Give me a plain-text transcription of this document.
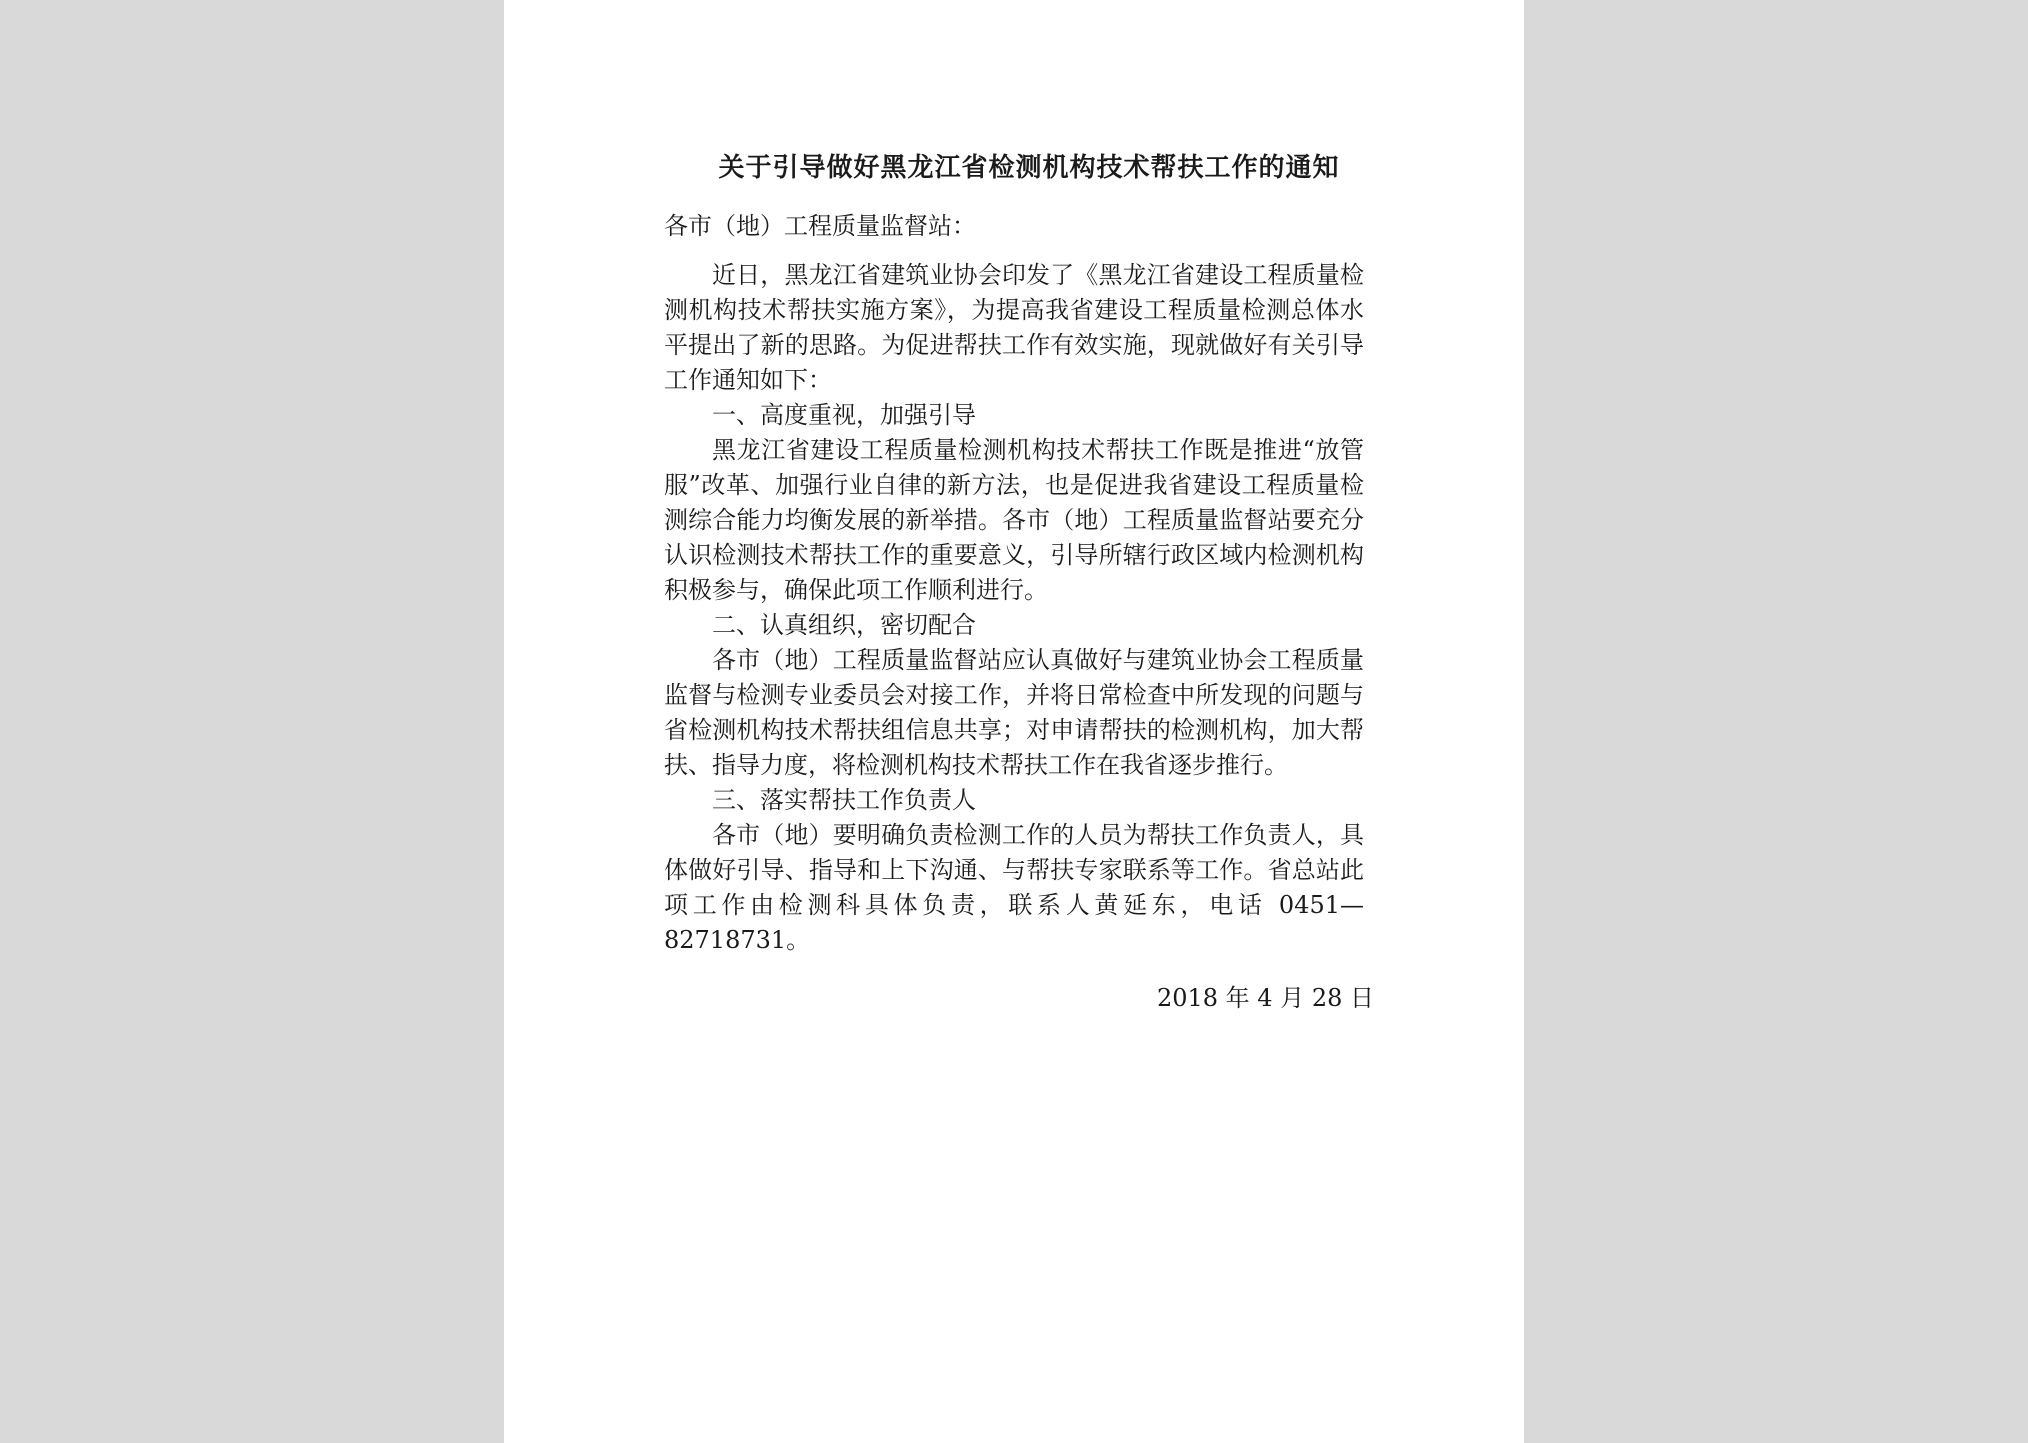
关于引导做好黑龙江省检测机构技术帮扶工作的通知

各市（地）工程质量监督站：

近日，黑龙江省建筑业协会印发了《黑龙江省建设工程质量检测机构技术帮扶实施方案》，为提高我省建设工程质量检测总体水平提出了新的思路。为促进帮扶工作有效实施，现就做好有关引导工作通知如下：

一、高度重视，加强引导

黑龙江省建设工程质量检测机构技术帮扶工作既是推进“放管服”改革、加强行业自律的新方法，也是促进我省建设工程质量检测综合能力均衡发展的新举措。各市（地）工程质量监督站要充分认识检测技术帮扶工作的重要意义，引导所辖行政区域内检测机构积极参与，确保此项工作顺利进行。

二、认真组织，密切配合

各市（地）工程质量监督站应认真做好与建筑业协会工程质量监督与检测专业委员会对接工作，并将日常检查中所发现的问题与省检测机构技术帮扶组信息共享；对申请帮扶的检测机构，加大帮扶、指导力度，将检测机构技术帮扶工作在我省逐步推行。

三、落实帮扶工作负责人

各市（地）要明确负责检测工作的人员为帮扶工作负责人，具体做好引导、指导和上下沟通、与帮扶专家联系等工作。省总站此项工作由检测科具体负责，联系人黄延东，电话 0451—82718731。

2018 年 4 月 28 日
